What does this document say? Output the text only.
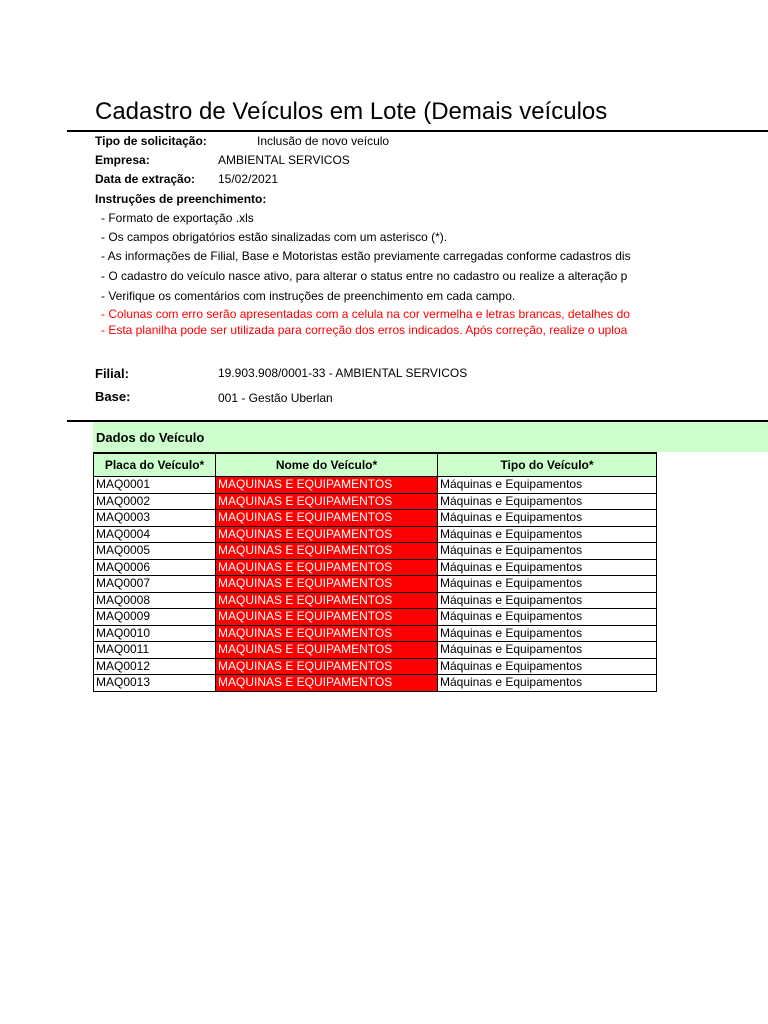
Cadastro de Veículos em Lote (Demais veículos
Tipo de solicitação:	Inclusão de novo veículo
Empresa:	AMBIENTAL SERVICOS
Data de extração: 15/02/2021
Instruções de preenchimento:
- Formato de exportação .xls
- Os campos obrigatórios estão sinalizadas com um asterisco (*).
- As informações de Filial, Base e Motoristas estão previamente carregadas conforme cadastros dis
- O cadastro do veículo nasce ativo, para alterar o status entre no cadastro ou realize a alteração p
- Verifique os comentários com instruções de preenchimento em cada campo.
- Colunas com erro serão apresentadas com a celula na cor vermelha e letras brancas, detalhes do
- Esta planilha pode ser utilizada para correção dos erros indicados. Após correção, realize o uploa
Filial:	19.903.908/0001-33 - AMBIENTAL SERVICOS
Base:	001 - Gestão Uberlan
Dados do Veículo
Placa do Veículo*	Nome do Veículo*	Tipo do Veículo*
MAQ0001	MAQUINAS E EQUIPAMENTOS	Máquinas e Equipamentos
MAQ0002	MAQUINAS E EQUIPAMENTOS	Máquinas e Equipamentos
MAQ0003	MAQUINAS E EQUIPAMENTOS	Máquinas e Equipamentos
MAQ0004	MAQUINAS E EQUIPAMENTOS	Máquinas e Equipamentos
MAQ0005	MAQUINAS E EQUIPAMENTOS	Máquinas e Equipamentos
MAQ0006	MAQUINAS E EQUIPAMENTOS	Máquinas e Equipamentos
MAQ0007	MAQUINAS E EQUIPAMENTOS	Máquinas e Equipamentos
MAQ0008	MAQUINAS E EQUIPAMENTOS	Máquinas e Equipamentos
MAQ0009	MAQUINAS E EQUIPAMENTOS	Máquinas e Equipamentos
MAQ0010	MAQUINAS E EQUIPAMENTOS	Máquinas e Equipamentos
MAQ0011	MAQUINAS E EQUIPAMENTOS	Máquinas e Equipamentos
MAQ0012	MAQUINAS E EQUIPAMENTOS	Máquinas e Equipamentos
MAQ0013	MAQUINAS E EQUIPAMENTOS	Máquinas e Equipamentos
